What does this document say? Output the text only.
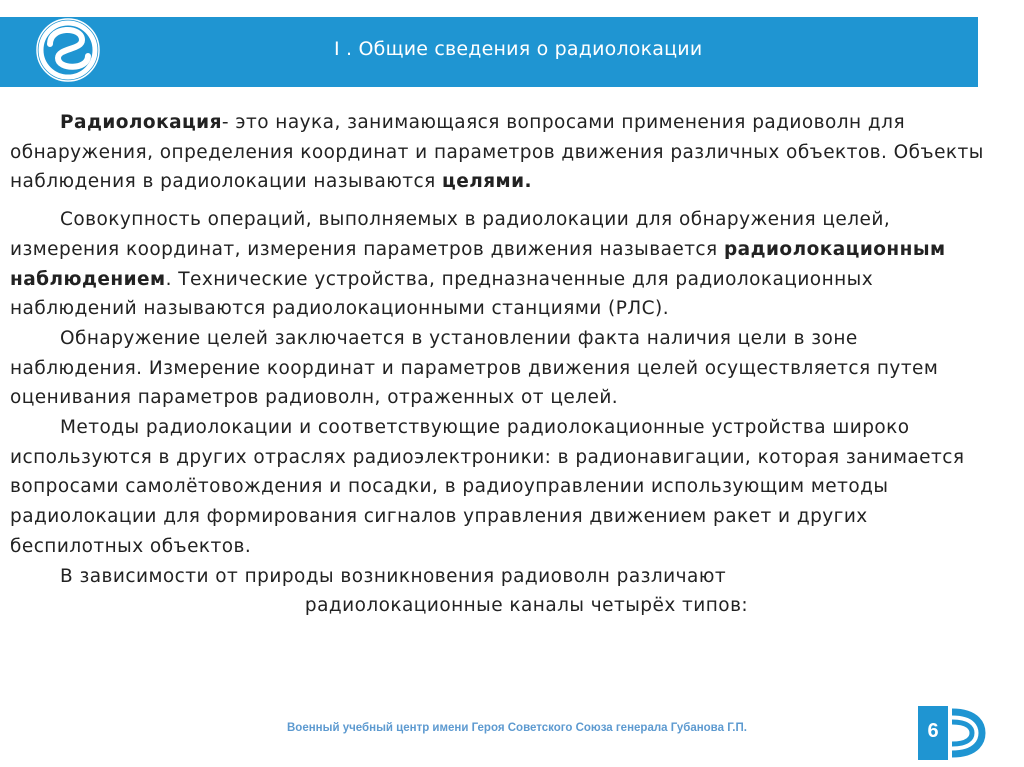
I . Общие сведения о радиолокации

Радиолокация- это наука, занимающаяся вопросами применения радиоволн для обнаружения, определения координат и параметров движения различных объектов. Объекты наблюдения в радиолокации называются целями.

Совокупность операций, выполняемых в радиолокации для обнаружения целей, измерения координат, измерения параметров движения называется радиолокационным наблюдением. Технические устройства, предназначенные для радиолокационных наблюдений называются радиолокационными станциями (РЛС).

Обнаружение целей заключается в установлении факта наличия цели в зоне наблюдения. Измерение координат и параметров движения целей осуществляется путем оценивания параметров радиоволн, отраженных от целей.

Методы радиолокации и соответствующие радиолокационные устройства широко используются в других отраслях радиоэлектроники: в радионавигации, которая занимается вопросами самолётовождения и посадки, в радиоуправлении использующим методы радиолокации для формирования сигналов управления движением ракет и других беспилотных объектов.

В зависимости от природы возникновения радиоволн различают

радиолокационные каналы четырёх типов:

Военный учебный центр имени Героя Советского Союза генерала Губанова Г.П.	6
